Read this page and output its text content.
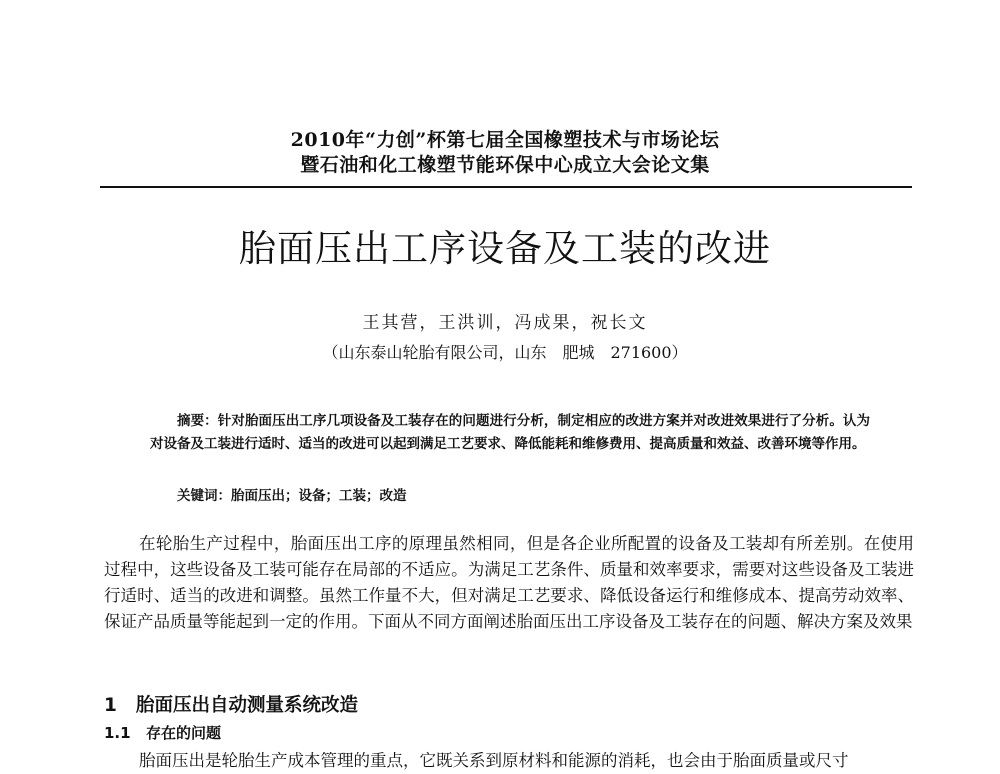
2010年“力创”杯第七届全国橡塑技术与市场论坛
暨石油和化工橡塑节能环保中心成立大会论文集
胎面压出工序设备及工装的改进
王其营，王洪训，冯成果，祝长文
（山东泰山轮胎有限公司，山东　肥城　271600）
摘要：针对胎面压出工序几项设备及工装存在的问题进行分析，制定相应的改进方案并对改进效果进行了分析。认为对设备及工装进行适时、适当的改进可以起到满足工艺要求、降低能耗和维修费用、提高质量和效益、改善环境等作用。
关键词：胎面压出；设备；工装；改造
在轮胎生产过程中，胎面压出工序的原理虽然相同，但是各企业所配置的设备及工装却有所差别。在使用过程中，这些设备及工装可能存在局部的不适应。为满足工艺条件、质量和效率要求，需要对这些设备及工装进行适时、适当的改进和调整。虽然工作量不大，但对满足工艺要求、降低设备运行和维修成本、提高劳动效率、保证产品质量等能起到一定的作用。下面从不同方面阐述胎面压出工序设备及工装存在的问题、解决方案及效果
1 胎面压出自动测量系统改造
1.1 存在的问题
胎面压出是轮胎生产成本管理的重点，它既关系到原材料和能源的消耗，也会由于胎面质量或尺寸
